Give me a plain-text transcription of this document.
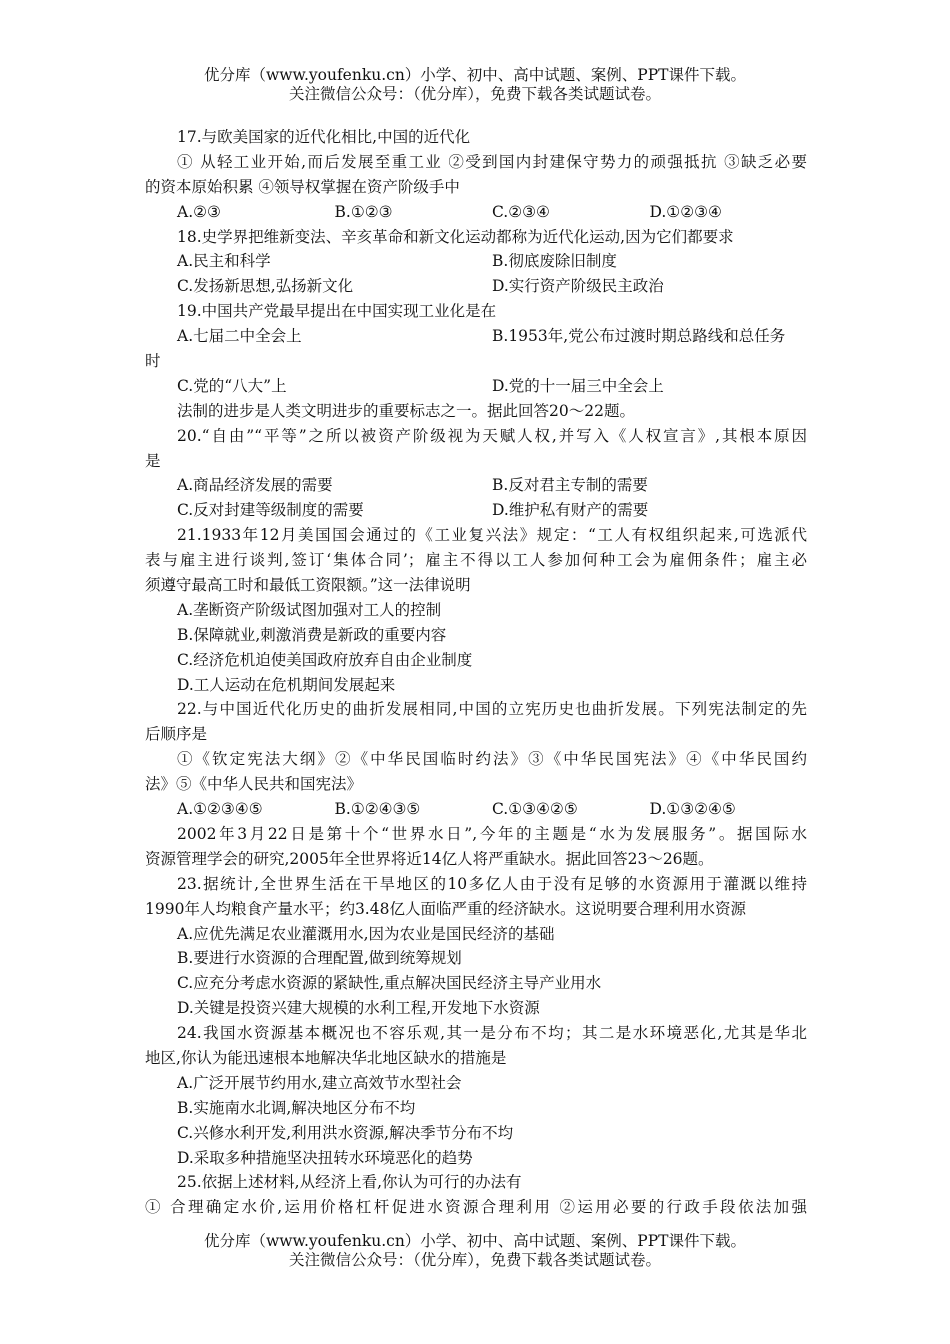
优分库（www.youfenku.cn）小学、初中、高中试题、案例、PPT课件下载。
关注微信公众号：（优分库），免费下载各类试题试卷。
17.与欧美国家的近代化相比,中国的近代化
① 从轻工业开始,而后发展至重工业 ②受到国内封建保守势力的顽强抵抗 ③缺乏必要
的资本原始积累 ④领导权掌握在资产阶级手中
A.②③	B.①②③	C.②③④	D.①②③④
18.史学界把维新变法、辛亥革命和新文化运动都称为近代化运动,因为它们都要求
A.民主和科学	B.彻底废除旧制度
C.发扬新思想,弘扬新文化	D.实行资产阶级民主政治
19.中国共产党最早提出在中国实现工业化是在
A.七届二中全会上	B.1953年,党公布过渡时期总路线和总任务
时
C.党的“八大”上	D.党的十一届三中全会上
法制的进步是人类文明进步的重要标志之一。据此回答20～22题。
20.“自由”“平等”之所以被资产阶级视为天赋人权,并写入《人权宣言》,其根本原因
是
A.商品经济发展的需要	B.反对君主专制的需要
C.反对封建等级制度的需要	D.维护私有财产的需要
21.1933年12月美国国会通过的《工业复兴法》规定：“工人有权组织起来,可选派代
表与雇主进行谈判,签订‘集体合同’；雇主不得以工人参加何种工会为雇佣条件；雇主必
须遵守最高工时和最低工资限额。”这一法律说明
A.垄断资产阶级试图加强对工人的控制
B.保障就业,刺激消费是新政的重要内容
C.经济危机迫使美国政府放弃自由企业制度
D.工人运动在危机期间发展起来
22.与中国近代化历史的曲折发展相同,中国的立宪历史也曲折发展。下列宪法制定的先
后顺序是
①《钦定宪法大纲》②《中华民国临时约法》③《中华民国宪法》④《中华民国约
法》⑤《中华人民共和国宪法》
A.①②③④⑤	B.①②④③⑤	C.①③④②⑤	D.①③②④⑤
2002年3月22日是第十个“世界水日”,今年的主题是“水为发展服务”。据国际水
资源管理学会的研究,2005年全世界将近14亿人将严重缺水。据此回答23～26题。
23.据统计,全世界生活在干旱地区的10多亿人由于没有足够的水资源用于灌溉以维持
1990年人均粮食产量水平；约3.48亿人面临严重的经济缺水。这说明要合理利用水资源
A.应优先满足农业灌溉用水,因为农业是国民经济的基础
B.要进行水资源的合理配置,做到统筹规划
C.应充分考虑水资源的紧缺性,重点解决国民经济主导产业用水
D.关键是投资兴建大规模的水利工程,开发地下水资源
24.我国水资源基本概况也不容乐观,其一是分布不均；其二是水环境恶化,尤其是华北
地区,你认为能迅速根本地解决华北地区缺水的措施是
A.广泛开展节约用水,建立高效节水型社会
B.实施南水北调,解决地区分布不均
C.兴修水利开发,利用洪水资源,解决季节分布不均
D.采取多种措施坚决扭转水环境恶化的趋势
25.依据上述材料,从经济上看,你认为可行的办法有
① 合理确定水价,运用价格杠杆促进水资源合理利用 ②运用必要的行政手段依法加强
优分库（www.youfenku.cn）小学、初中、高中试题、案例、PPT课件下载。
关注微信公众号：（优分库），免费下载各类试题试卷。
